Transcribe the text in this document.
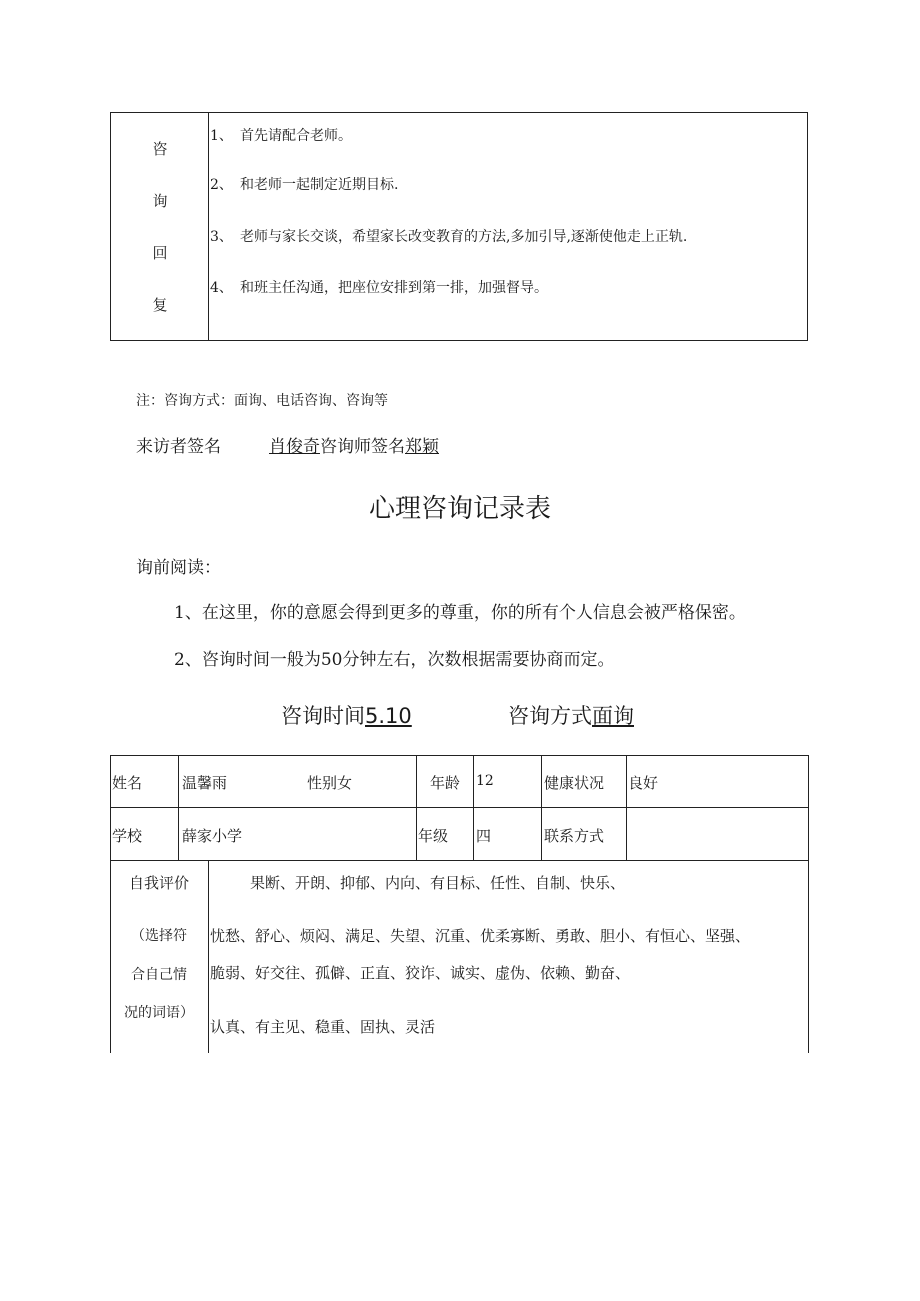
咨
询
回
复
1、 首先请配合老师。
2、 和老师一起制定近期目标.
3、 老师与家长交谈，希望家长改变教育的方法,多加引导,逐渐使他走上正轨.
4、 和班主任沟通，把座位安排到第一排，加强督导。
注：咨询方式：面询、电话咨询、咨询等
来访者签名	肖俊奇咨询师签名郑颖
心理咨询记录表
询前阅读：
1、在这里，你的意愿会得到更多的尊重，你的所有个人信息会被严格保密。
2、咨询时间一般为50分钟左右，次数根据需要协商而定。
咨询时间5.10	咨询方式面询
姓名	温馨雨	性别女	年龄 12	健康状况 良好
学校	薛家小学	年级 四	联系方式
自我评价
（选择符
合自己情
况的词语）
果断、开朗、抑郁、内向、有目标、任性、自制、快乐、
忧愁、舒心、烦闷、满足、失望、沉重、优柔寡断、勇敢、胆小、有恒心、坚强、
脆弱、好交往、孤僻、正直、狡诈、诚实、虚伪、依赖、勤奋、
认真、有主见、稳重、固执、灵活
